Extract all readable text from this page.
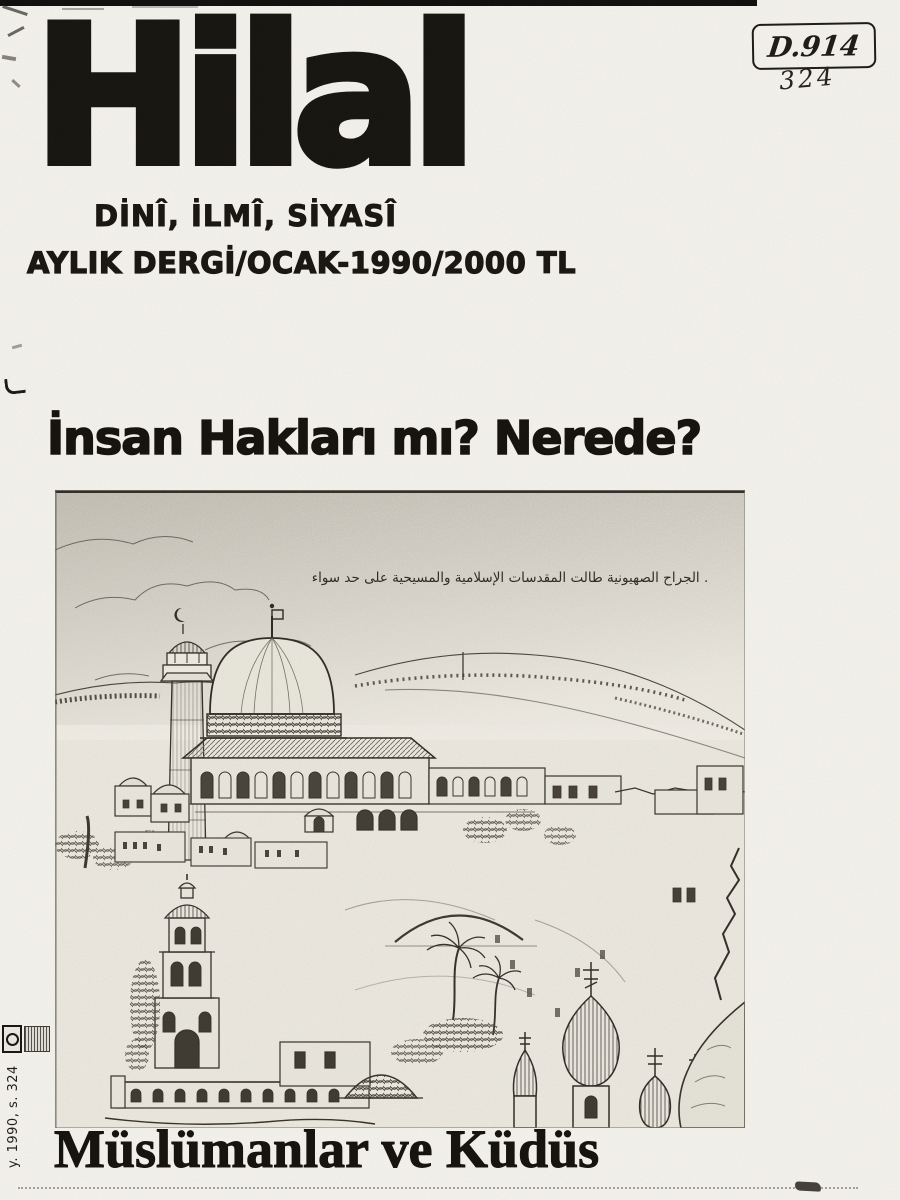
Hilal
DİNÎ, İLMÎ, SİYASÎ
AYLIK DERGİ/OCAK-1990/2000 TL
D.914
324
İnsan Hakları mı? Nerede?
الجراح الصهيونية طالت المقدسات الإسلامية والمسيحية على حد سواء .
Müslümanlar ve Küdüs
y. 1990, s. 324
